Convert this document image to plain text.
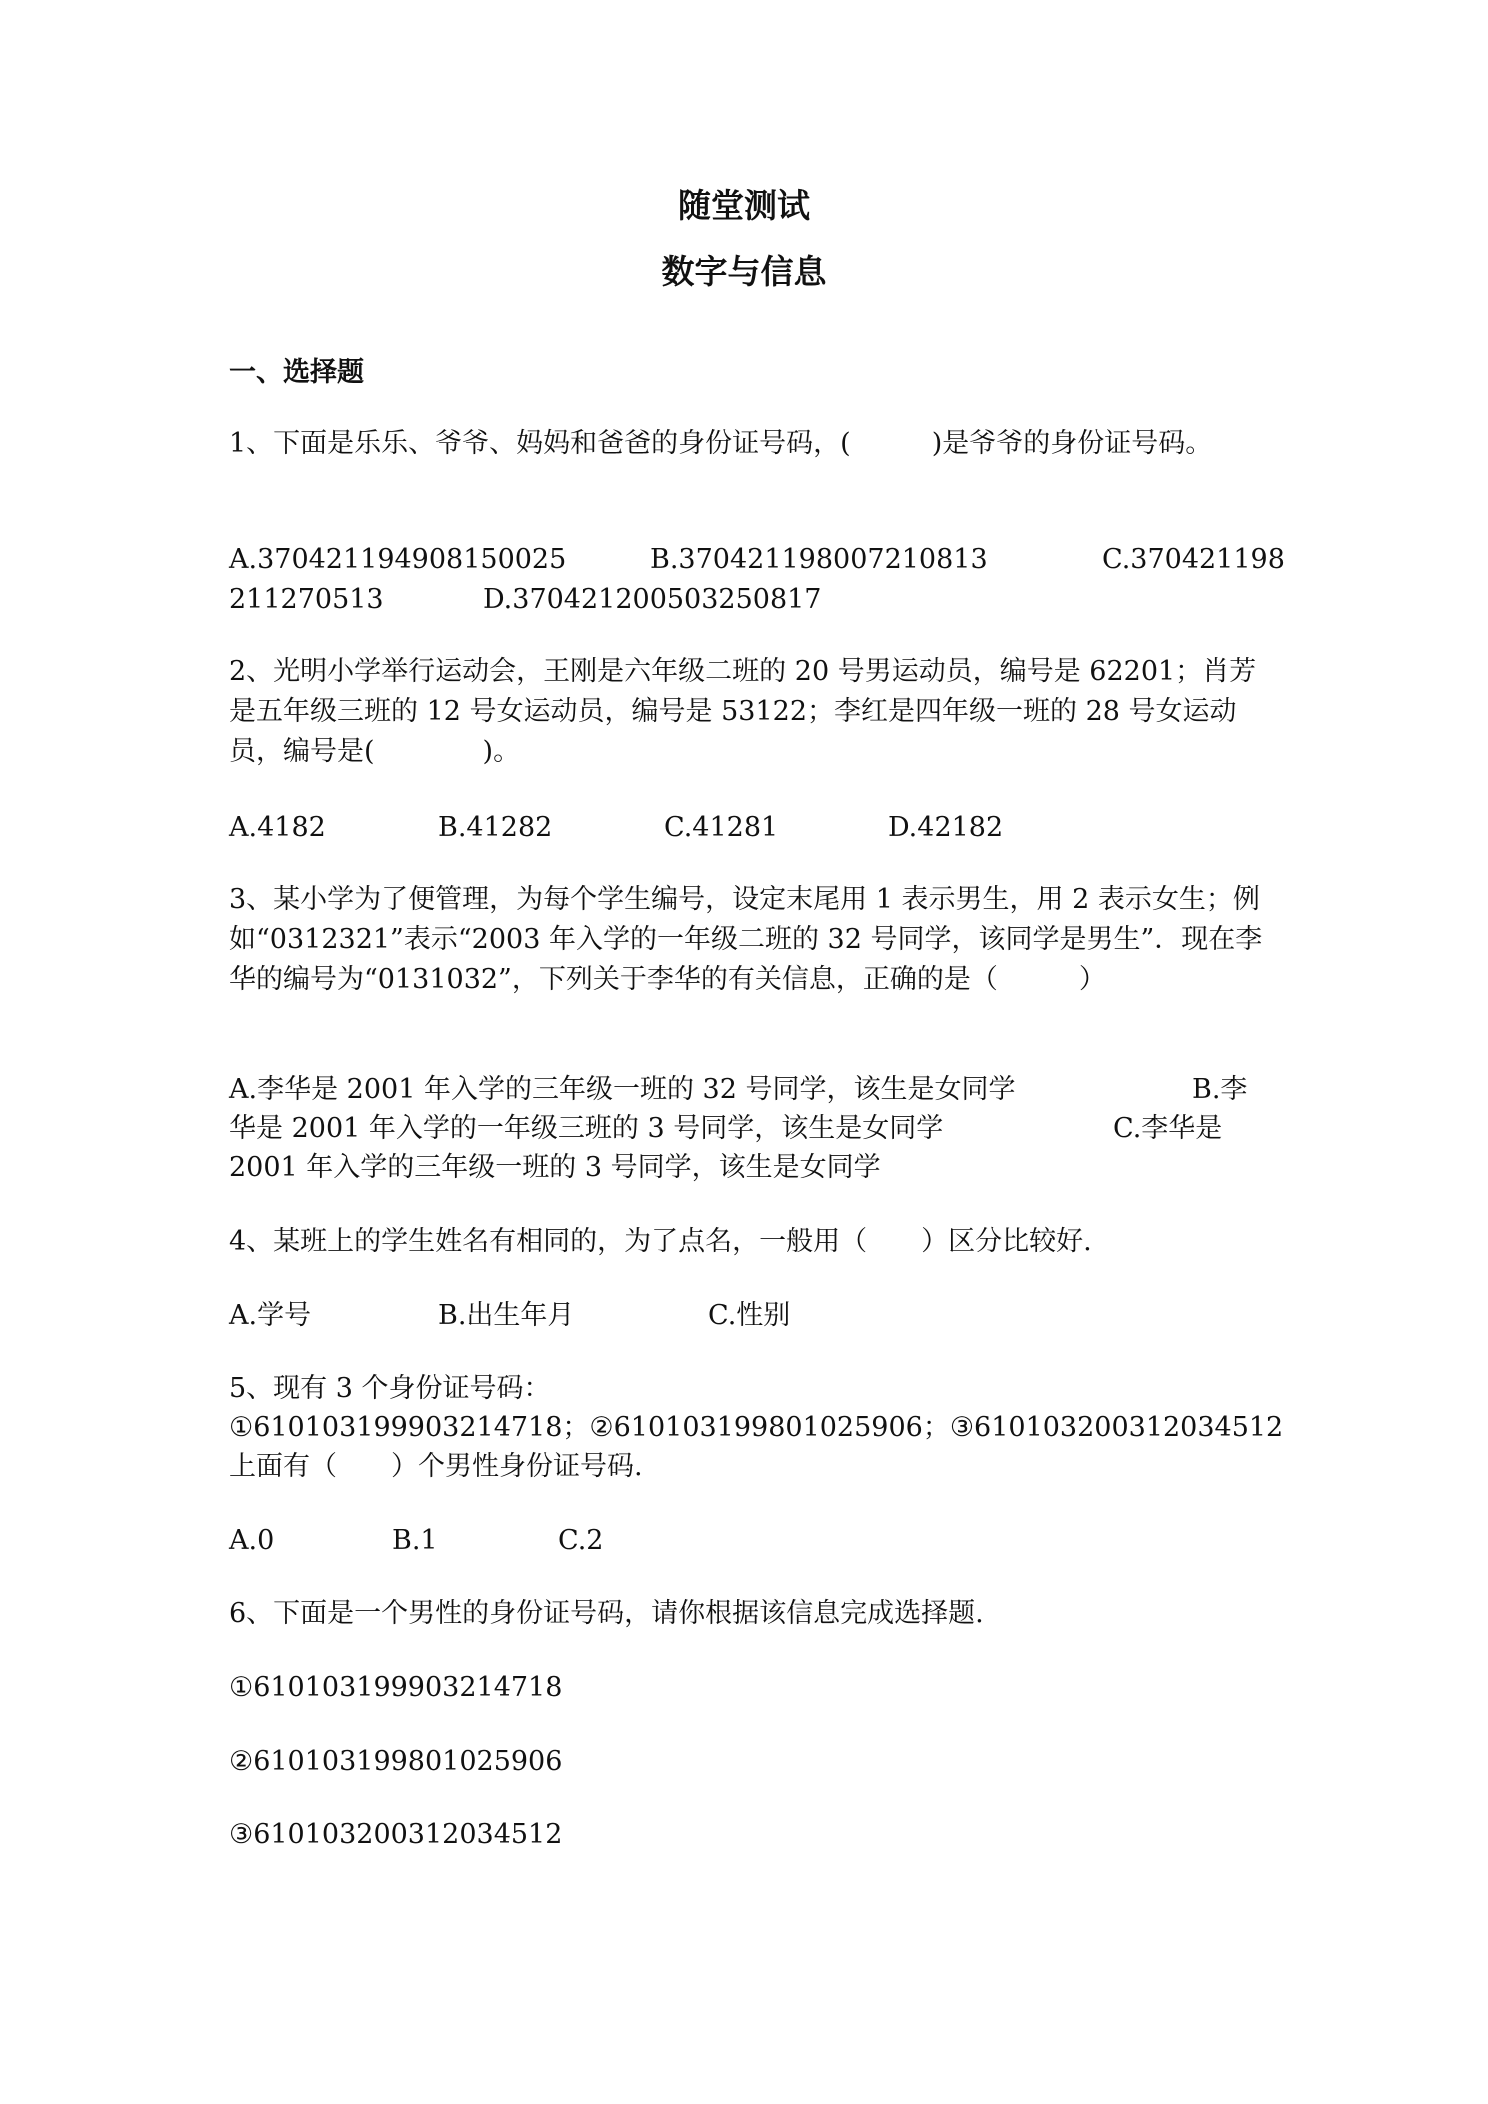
随堂测试
数字与信息
一、选择题
1、下面是乐乐、爷爷、妈妈和爸爸的身份证号码，(　　　)是爷爷的身份证号码。
A.370421194908150025	B.370421198007210813	C.370421198
211270513	D.370421200503250817
2、光明小学举行运动会，王刚是六年级二班的 20 号男运动员，编号是 62201；肖芳是五年级三班的 12 号女运动员，编号是 53122；李红是四年级一班的 28 号女运动员，编号是(　　　　)。
A.4182	B.41282	C.41281	D.42182
3、某小学为了便管理，为每个学生编号，设定末尾用 1 表示男生，用 2 表示女生；例如“0312321”表示“2003 年入学的一年级二班的 32 号同学，该同学是男生”．现在李华的编号为“0131032”，下列关于李华的有关信息，正确的是（　　　）
A.李华是 2001 年入学的三年级一班的 32 号同学，该生是女同学	B.李
华是 2001 年入学的一年级三班的 3 号同学，该生是女同学	C.李华是
2001 年入学的三年级一班的 3 号同学，该生是女同学
4、某班上的学生姓名有相同的，为了点名，一般用（　　）区分比较好.
A.学号	B.出生年月	C.性别
5、现有 3 个身份证号码：
①610103199903214718；②610103199801025906；③610103200312034512
上面有（　　）个男性身份证号码.
A.0	B.1	C.2
6、下面是一个男性的身份证号码，请你根据该信息完成选择题.
①610103199903214718
②610103199801025906
③610103200312034512
